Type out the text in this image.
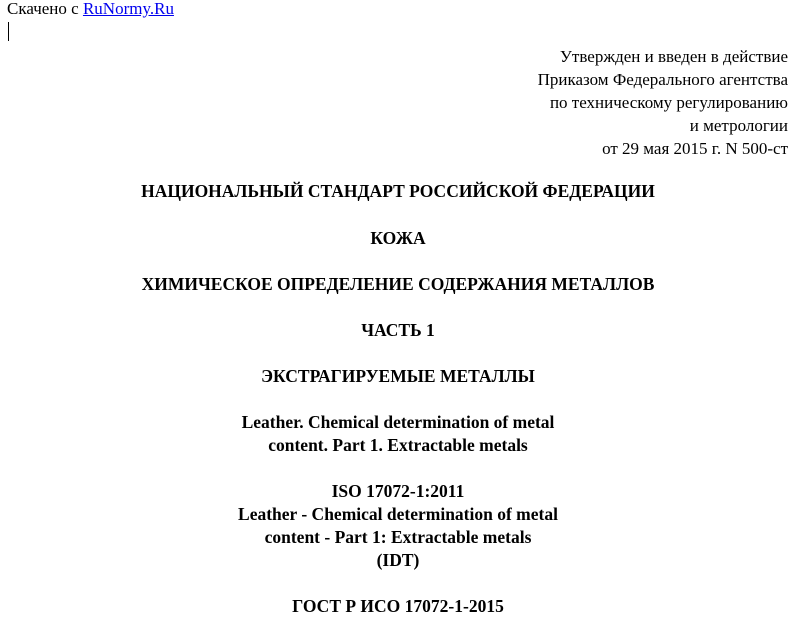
Скачено с RuNormy.Ru
Утвержден и введен в действие
Приказом Федерального агентства
по техническому регулированию
и метрологии
от 29 мая 2015 г. N 500-ст
НАЦИОНАЛЬНЫЙ СТАНДАРТ РОССИЙСКОЙ ФЕДЕРАЦИИ
КОЖА
ХИМИЧЕСКОЕ ОПРЕДЕЛЕНИЕ СОДЕРЖАНИЯ МЕТАЛЛОВ
ЧАСТЬ 1
ЭКСТРАГИРУЕМЫЕ МЕТАЛЛЫ
Leather. Chemical determination of metal
content. Part 1. Extractable metals
ISO 17072-1:2011
Leather - Chemical determination of metal
content - Part 1: Extractable metals
(IDT)
ГОСТ Р ИСО 17072-1-2015
